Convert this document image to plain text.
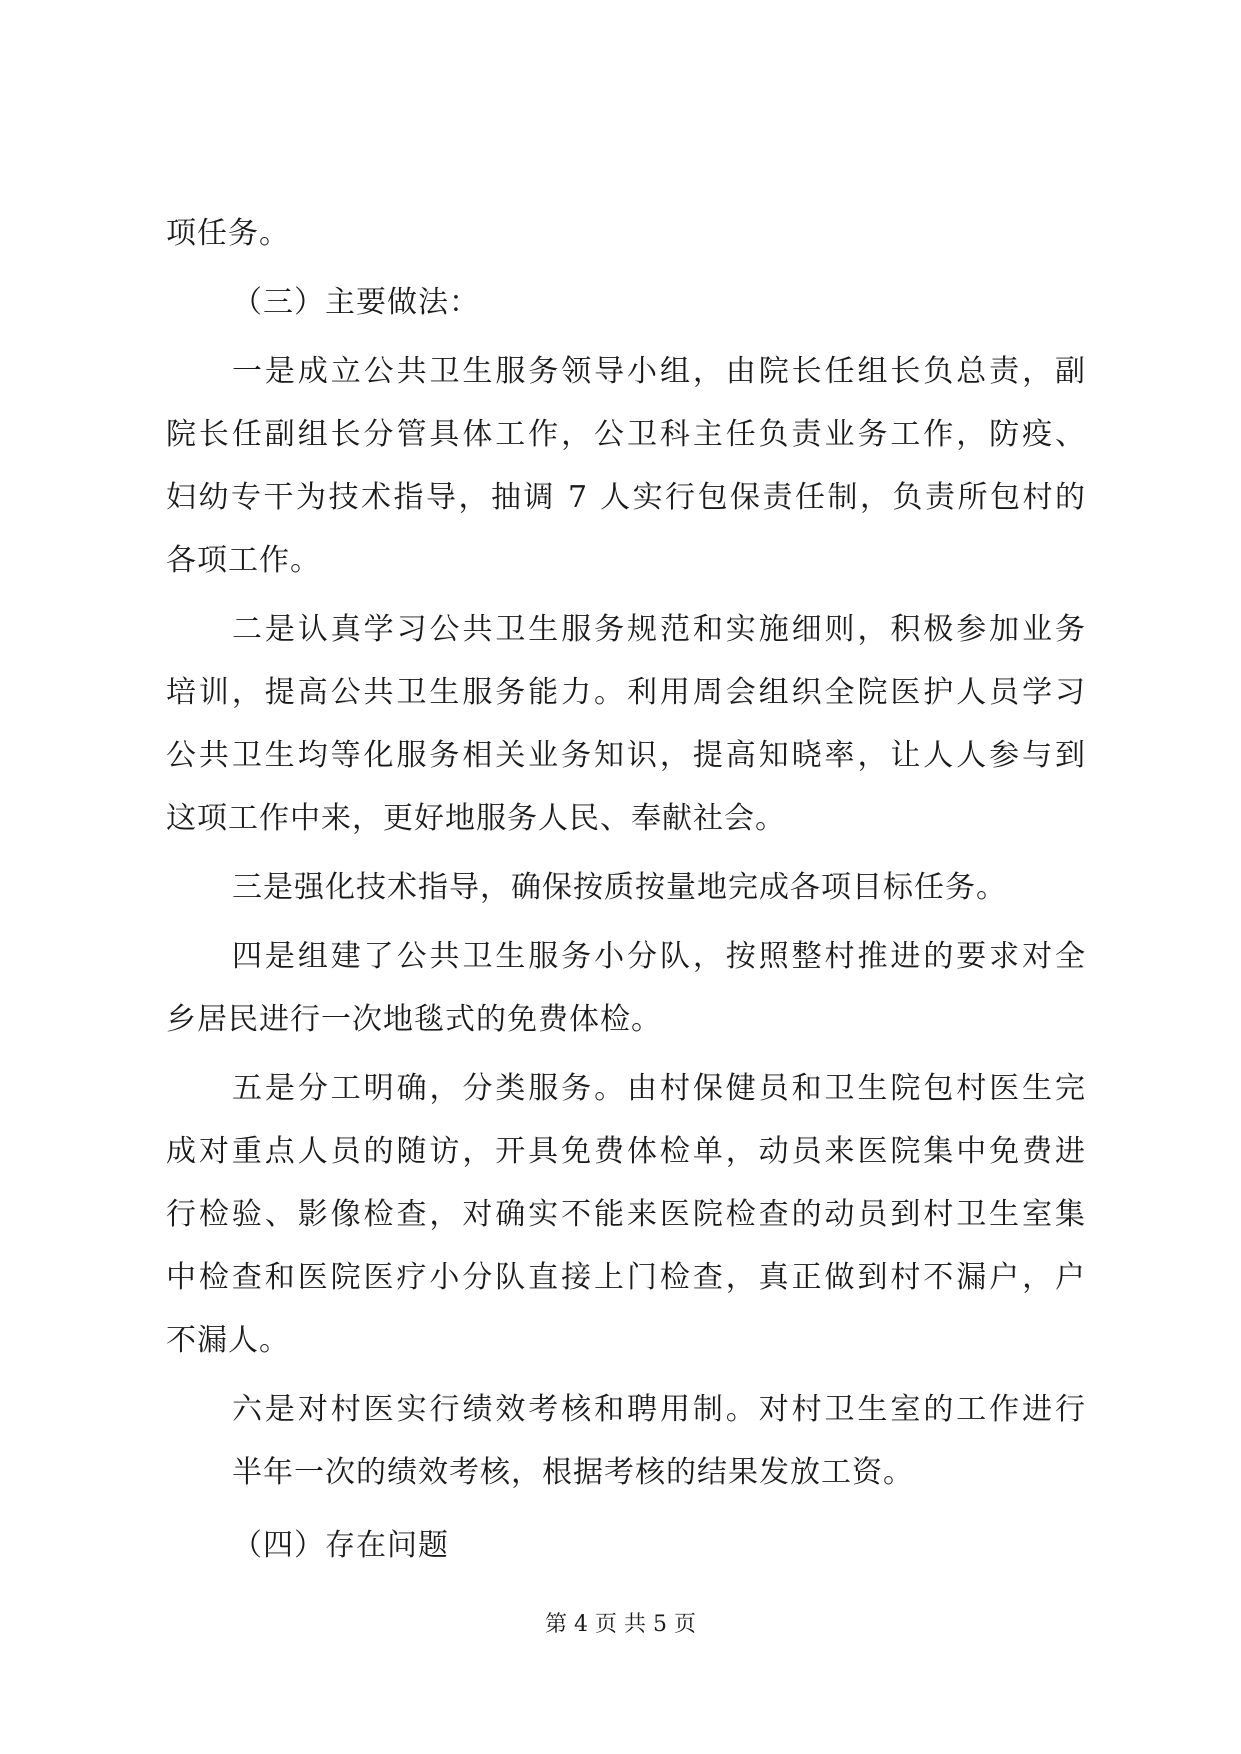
项任务。
（三）主要做法：
一是成立公共卫生服务领导小组，由院长任组长负总责，副
院长任副组长分管具体工作，公卫科主任负责业务工作，防疫、
妇幼专干为技术指导，抽调 7 人实行包保责任制，负责所包村的
各项工作。
二是认真学习公共卫生服务规范和实施细则，积极参加业务
培训，提高公共卫生服务能力。利用周会组织全院医护人员学习
公共卫生均等化服务相关业务知识，提高知晓率，让人人参与到
这项工作中来，更好地服务人民、奉献社会。
三是强化技术指导，确保按质按量地完成各项目标任务。
四是组建了公共卫生服务小分队，按照整村推进的要求对全
乡居民进行一次地毯式的免费体检。
五是分工明确，分类服务。由村保健员和卫生院包村医生完
成对重点人员的随访，开具免费体检单，动员来医院集中免费进
行检验、影像检查，对确实不能来医院检查的动员到村卫生室集
中检查和医院医疗小分队直接上门检查，真正做到村不漏户，户
不漏人。
六是对村医实行绩效考核和聘用制。对村卫生室的工作进行
半年一次的绩效考核，根据考核的结果发放工资。
（四）存在问题
第 4 页 共 5 页
